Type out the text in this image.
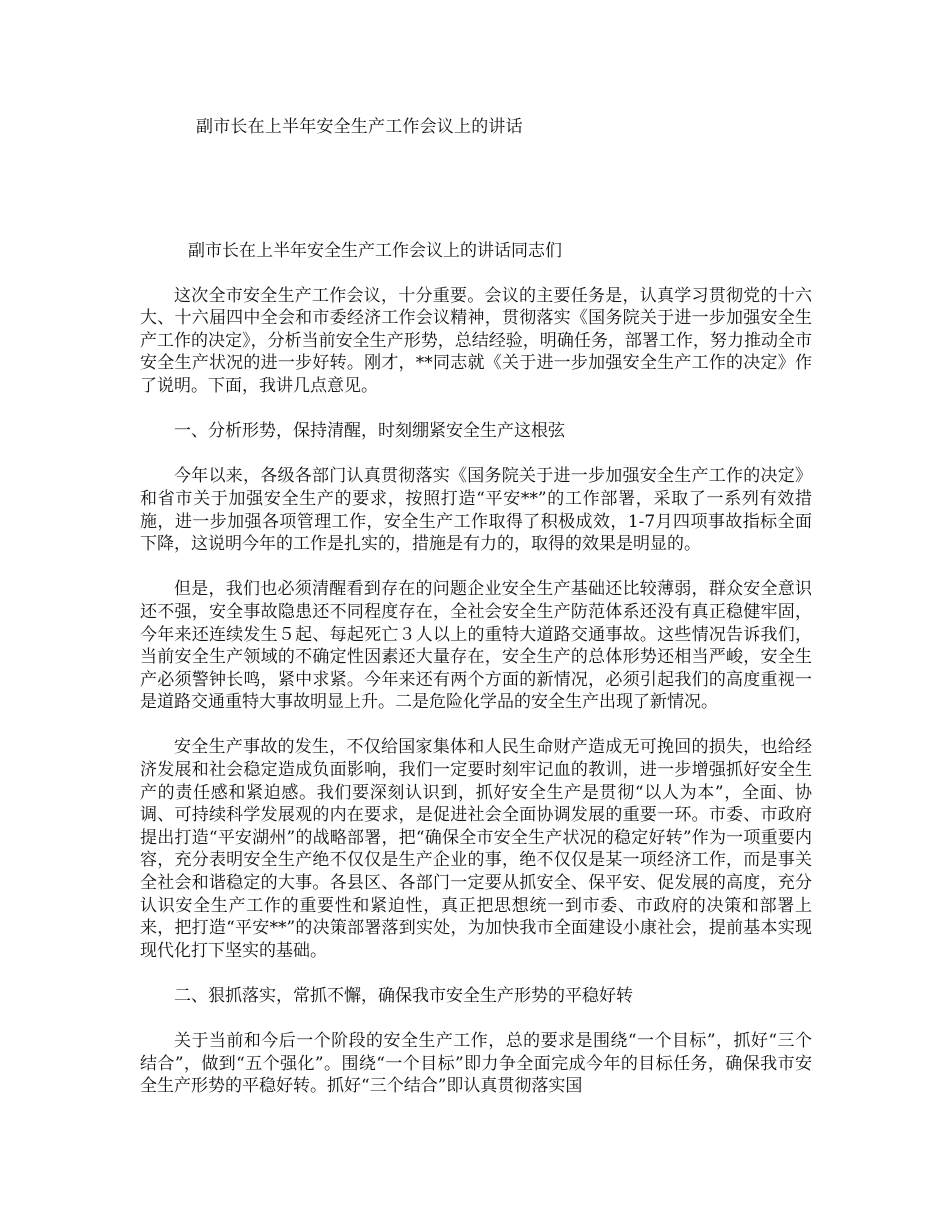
副市长在上半年安全生产工作会议上的讲话

副市长在上半年安全生产工作会议上的讲话同志们

这次全市安全生产工作会议，十分重要。会议的主要任务是，认真学习贯彻党的十六大、十六届四中全会和市委经济工作会议精神，贯彻落实《国务院关于进一步加强安全生产工作的决定》，分析当前安全生产形势，总结经验，明确任务，部署工作，努力推动全市安全生产状况的进一步好转。刚才，**同志就《关于进一步加强安全生产工作的决定》作了说明。下面，我讲几点意见。

一、分析形势，保持清醒，时刻绷紧安全生产这根弦

今年以来，各级各部门认真贯彻落实《国务院关于进一步加强安全生产工作的决定》和省市关于加强安全生产的要求，按照打造“平安**”的工作部署，采取了一系列有效措施，进一步加强各项管理工作，安全生产工作取得了积极成效，1-7月四项事故指标全面下降，这说明今年的工作是扎实的，措施是有力的，取得的效果是明显的。

但是，我们也必须清醒看到存在的问题企业安全生产基础还比较薄弱，群众安全意识还不强，安全事故隐患还不同程度存在，全社会安全生产防范体系还没有真正稳健牢固，今年来还连续发生５起、每起死亡３人以上的重特大道路交通事故。这些情况告诉我们，当前安全生产领域的不确定性因素还大量存在，安全生产的总体形势还相当严峻，安全生产必须警钟长鸣，紧中求紧。今年来还有两个方面的新情况，必须引起我们的高度重视一是道路交通重特大事故明显上升。二是危险化学品的安全生产出现了新情况。

安全生产事故的发生，不仅给国家集体和人民生命财产造成无可挽回的损失，也给经济发展和社会稳定造成负面影响，我们一定要时刻牢记血的教训，进一步增强抓好安全生产的责任感和紧迫感。我们要深刻认识到，抓好安全生产是贯彻“以人为本”，全面、协调、可持续科学发展观的内在要求，是促进社会全面协调发展的重要一环。市委、市政府提出打造“平安湖州”的战略部署，把“确保全市安全生产状况的稳定好转”作为一项重要内容，充分表明安全生产绝不仅仅是生产企业的事，绝不仅仅是某一项经济工作，而是事关全社会和谐稳定的大事。各县区、各部门一定要从抓安全、保平安、促发展的高度，充分认识安全生产工作的重要性和紧迫性，真正把思想统一到市委、市政府的决策和部署上来，把打造“平安**”的决策部署落到实处，为加快我市全面建设小康社会，提前基本实现现代化打下坚实的基础。

二、狠抓落实，常抓不懈，确保我市安全生产形势的平稳好转

关于当前和今后一个阶段的安全生产工作，总的要求是围绕“一个目标”，抓好“三个结合”，做到“五个强化”。围绕“一个目标”即力争全面完成今年的目标任务，确保我市安全生产形势的平稳好转。抓好“三个结合”即认真贯彻落实国
